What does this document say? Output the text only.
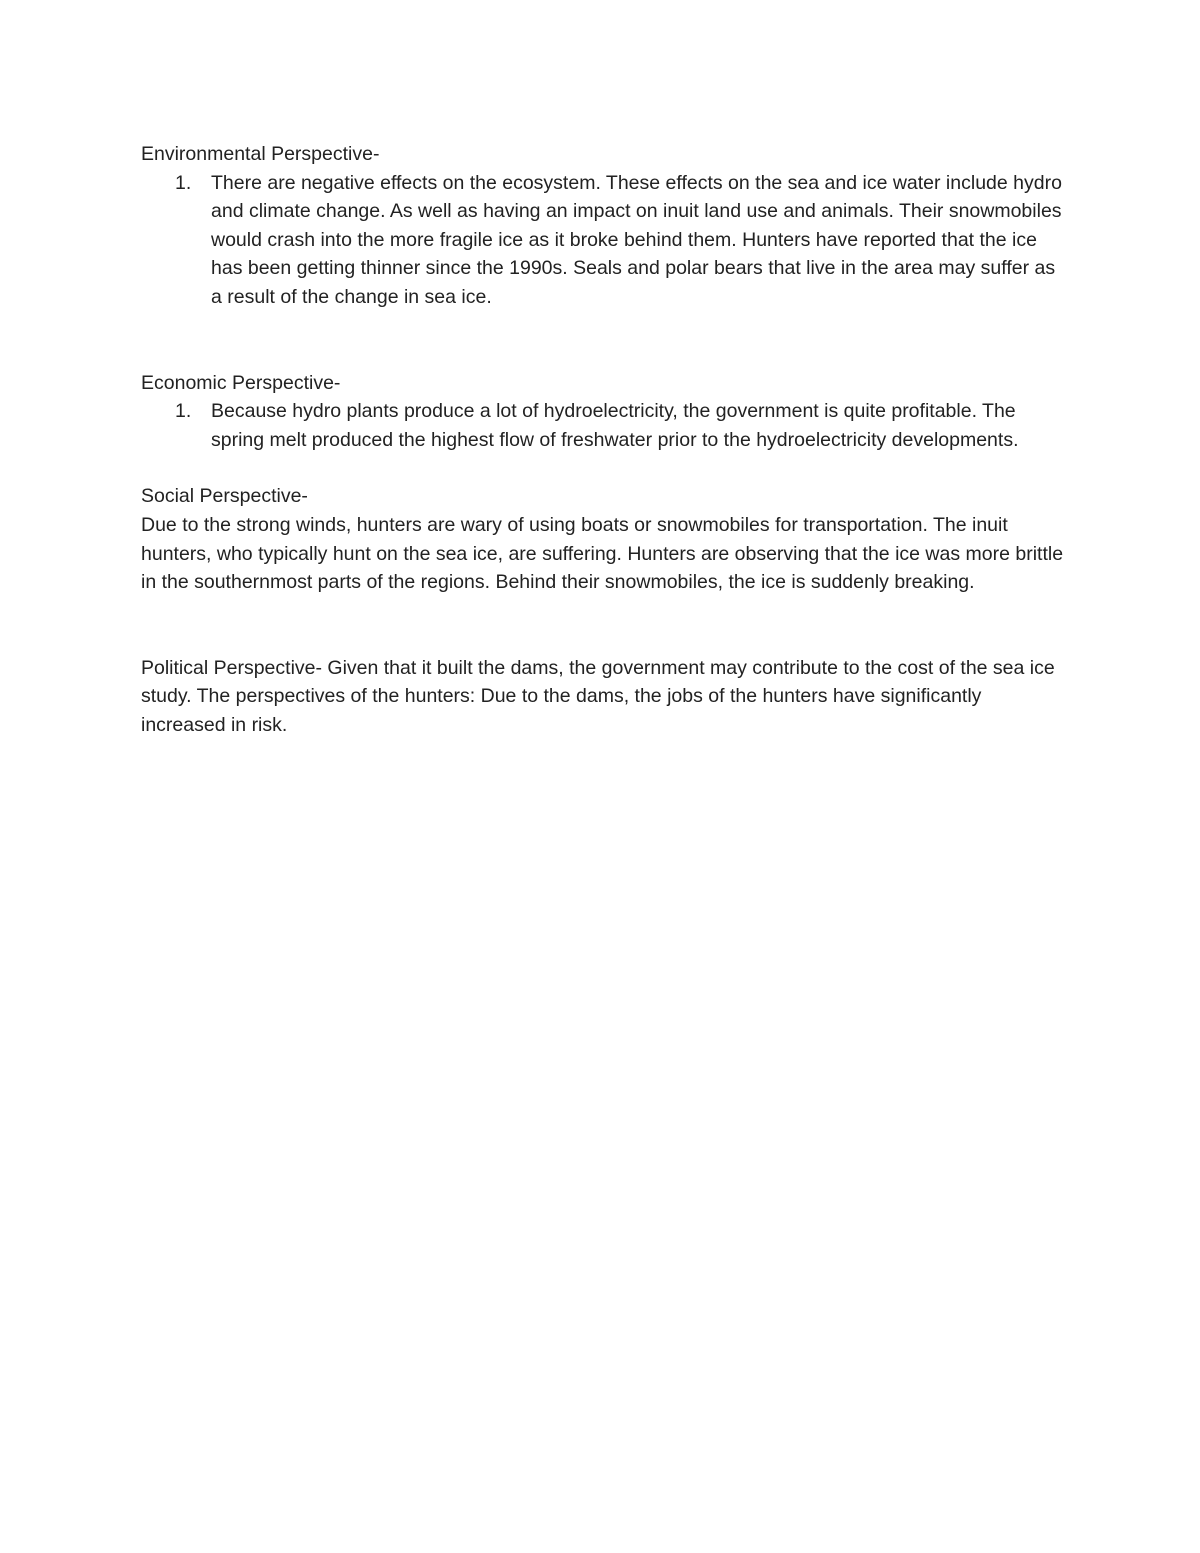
Environmental Perspective-

1.	There are negative effects on the ecosystem. These effects on the sea and ice water include hydro and climate change. As well as having an impact on inuit land use and animals. Their snowmobiles would crash into the more fragile ice as it broke behind them. Hunters have reported that the ice has been getting thinner since the 1990s. Seals and polar bears that live in the area may suffer as a result of the change in sea ice.

Economic Perspective-

1.	Because hydro plants produce a lot of hydroelectricity, the government is quite profitable. The spring melt produced the highest flow of freshwater prior to the hydroelectricity developments.

Social Perspective-

Due to the strong winds, hunters are wary of using boats or snowmobiles for transportation. The inuit hunters, who typically hunt on the sea ice, are suffering. Hunters are observing that the ice was more brittle in the southernmost parts of the regions. Behind their snowmobiles, the ice is suddenly breaking.

Political Perspective- Given that it built the dams, the government may contribute to the cost of the sea ice study. The perspectives of the hunters: Due to the dams, the jobs of the hunters have significantly increased in risk.
